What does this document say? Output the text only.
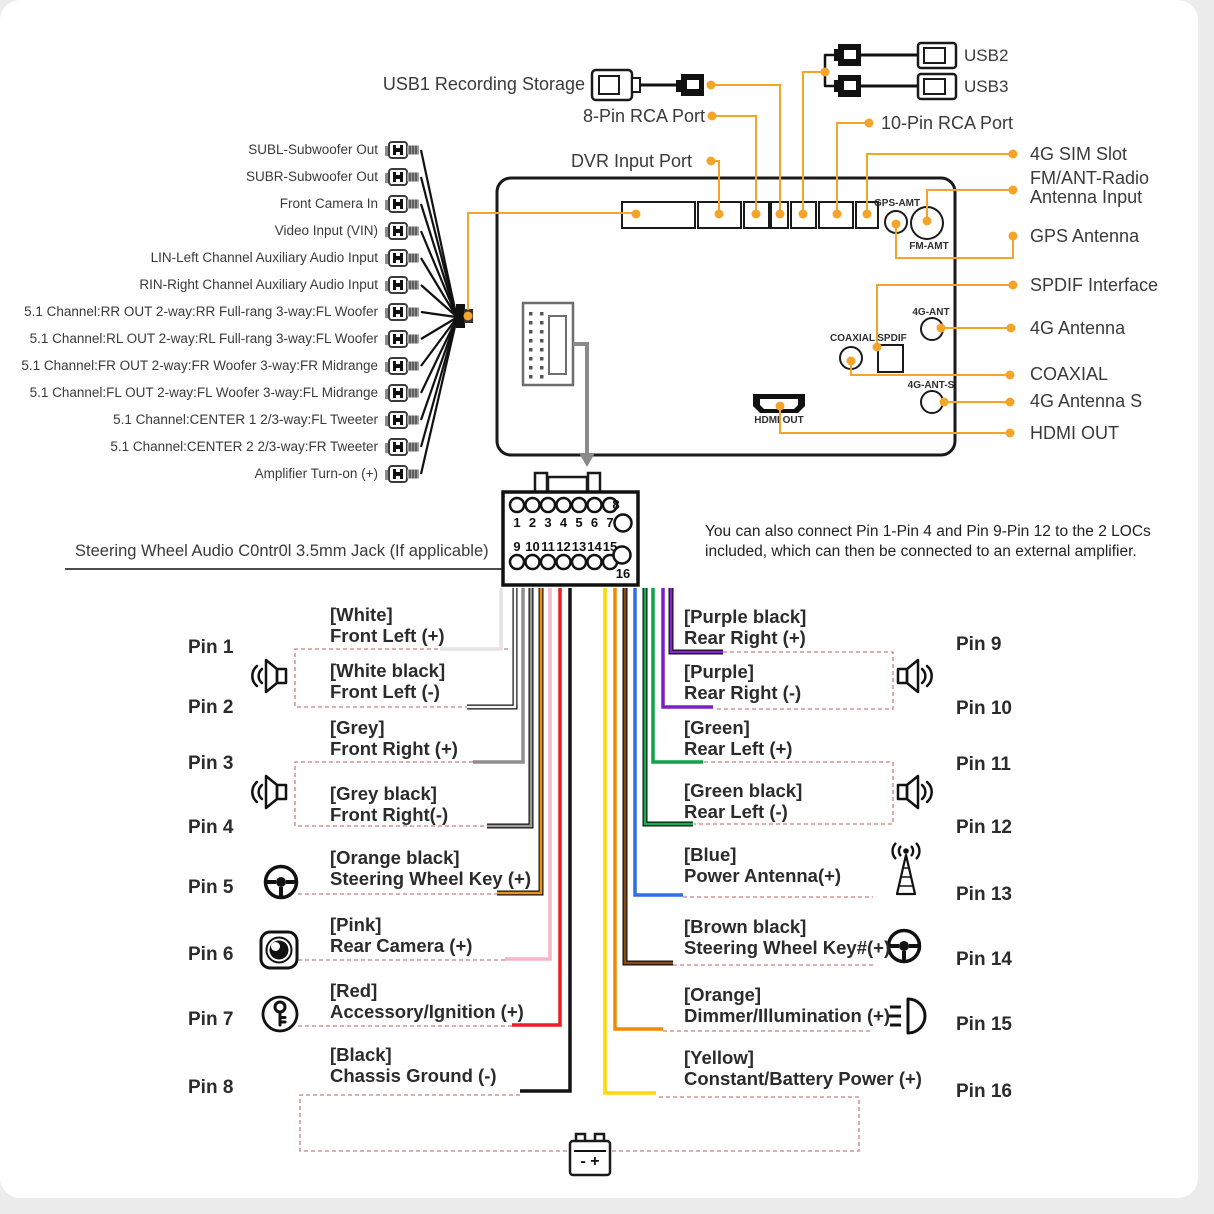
1 2 3 4 5 6 7
8
9 10 11 12 13 14 15
16
- +
USB1 Recording Storage
USB2
USB3
8-Pin RCA Port	10-Pin RCA Port
DVR Input Port	4G SIM Slot
FM/ANT-Radio
Antenna Input
GPS Antenna
SPDIF Interface
4G Antenna
COAXIAL
4G Antenna S
HDMI OUT
GPS-AMT
FM-AMT
4G-ANT
COAXIAL SPDIF
4G-ANT-S
HDMI OUT
SUBL-Subwoofer Out
SUBR-Subwoofer Out
Front Camera In
Video Input (VIN)
LIN-Left Channel Auxiliary Audio Input
RIN-Right Channel Auxiliary Audio Input
5.1 Channel:RR OUT 2-way:RR Full-rang 3-way:FL Woofer
5.1 Channel:RL OUT 2-way:RL Full-rang 3-way:FL Woofer
5.1 Channel:FR OUT 2-way:FR Woofer 3-way:FR Midrange
5.1 Channel:FL OUT 2-way:FL Woofer 3-way:FL Midrange
5.1 Channel:CENTER 1 2/3-way:FL Tweeter
5.1 Channel:CENTER 2 2/3-way:FR Tweeter
Amplifier Turn-on (+)
Steering Wheel Audio C0ntr0l 3.5mm Jack (If applicable)
You can also connect Pin 1-Pin 4 and Pin 9-Pin 12 to the 2 LOCs
included, which can then be connected to an external amplifier.
Pin 1
Pin 2
Pin 3
Pin 4
Pin 5
Pin 6
Pin 7
Pin 8
Pin 9
Pin 10
Pin 11
Pin 12
Pin 13
Pin 14
Pin 15
Pin 16
[White]
Front Left (+)
[White black]
Front Left (-)
[Grey]
Front Right (+)
[Grey black]
Front Right(-)
[Orange black]
Steering Wheel Key (+)
[Pink]
Rear Camera (+)
[Red]
Accessory/Ignition (+)
[Black]
Chassis Ground (-)
[Purple black]
Rear Right (+)
[Purple]
Rear Right (-)
[Green]
Rear Left (+)
[Green black]
Rear Left (-)
[Blue]
Power Antenna(+)
[Brown black]
Steering Wheel Key#(+)
[Orange]
Dimmer/Illumination (+)
[Yellow]
Constant/Battery Power (+)
